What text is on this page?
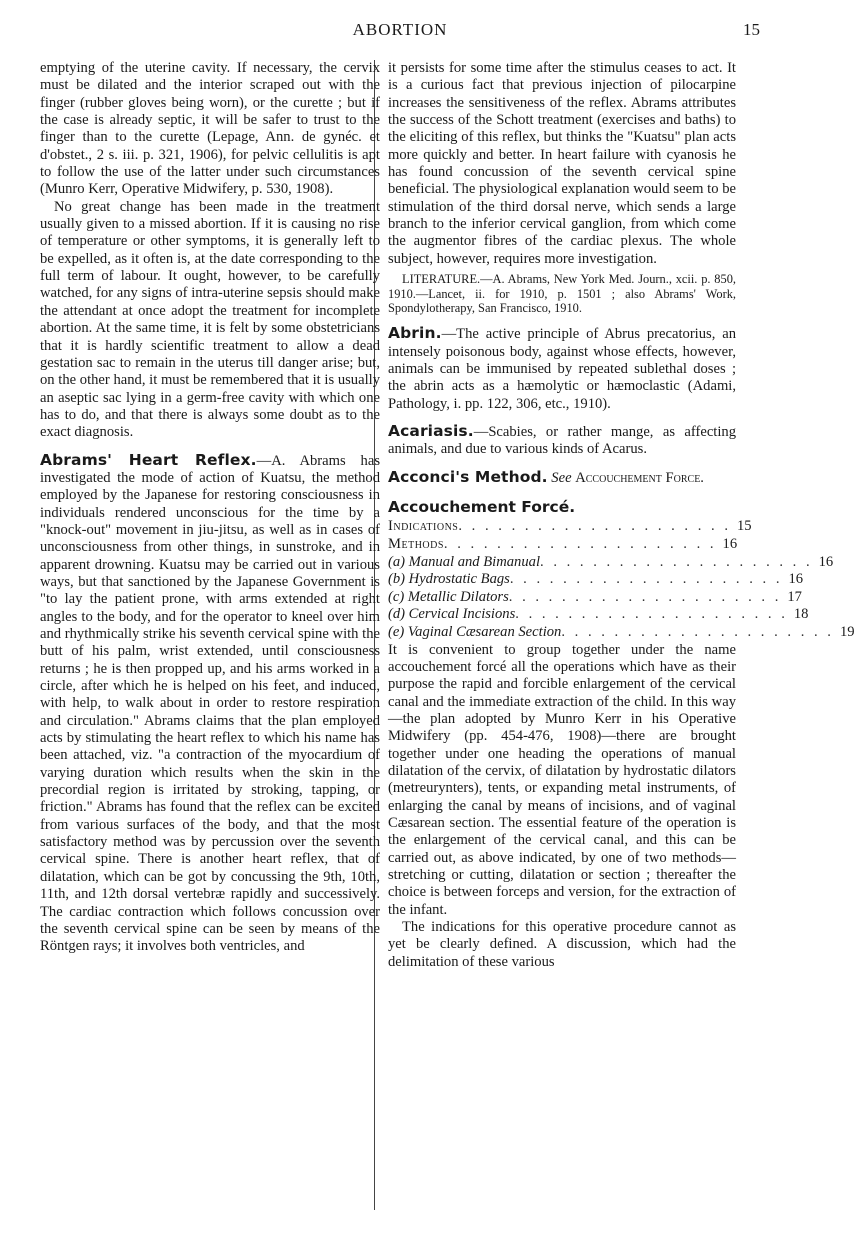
ABORTION	15

emptying of the uterine cavity. If necessary, the cervix must be dilated and the interior scraped out with the finger (rubber gloves being worn), or the curette ; but if the case is already septic, it will be safer to trust to the finger than to the curette (Lepage, Ann. de gynéc. et d'obstet., 2 s. iii. p. 321, 1906), for pelvic cellulitis is apt to follow the use of the latter under such circumstances (Munro Kerr, Operative Midwifery, p. 530, 1908).

No great change has been made in the treatment usually given to a missed abortion. If it is causing no rise of temperature or other symptoms, it is generally left to be expelled, as it often is, at the date corresponding to the full term of labour. It ought, however, to be carefully watched, for any signs of intra-uterine sepsis should make the attendant at once adopt the treatment for incomplete abortion. At the same time, it is felt by some obstetricians that it is hardly scientific treatment to allow a dead gestation sac to remain in the uterus till danger arise; but, on the other hand, it must be remembered that it is usually an aseptic sac lying in a germ-free cavity with which one has to do, and that there is always some doubt as to the exact diagnosis.

Abrams' Heart Reflex.—A. Abrams has investigated the mode of action of Kuatsu, the method employed by the Japanese for restoring consciousness in individuals rendered unconscious for the time by a "knock-out" movement in jiu-jitsu, as well as in cases of unconsciousness from other things, in sunstroke, and in apparent drowning. Kuatsu may be carried out in various ways, but that sanctioned by the Japanese Government is "to lay the patient prone, with arms extended at right angles to the body, and for the operator to kneel over him and rhythmically strike his seventh cervical spine with the butt of his palm, wrist extended, until consciousness returns ; he is then propped up, and his arms worked in a circle, after which he is helped on his feet, and induced, with help, to walk about in order to restore respiration and circulation." Abrams claims that the plan employed acts by stimulating the heart reflex to which his name has been attached, viz. "a contraction of the myocardium of varying duration which results when the skin in the precordial region is irritated by stroking, tapping, or friction." Abrams has found that the reflex can be excited from various surfaces of the body, and that the most satisfactory method was by percussion over the seventh cervical spine. There is another heart reflex, that of dilatation, which can be got by concussing the 9th, 10th, 11th, and 12th dorsal vertebræ rapidly and successively. The cardiac contraction which follows concussion over the seventh cervical spine can be seen by means of the Röntgen rays; it involves both ventricles, and

it persists for some time after the stimulus ceases to act. It is a curious fact that previous injection of pilocarpine increases the sensitiveness of the reflex. Abrams attributes the success of the Schott treatment (exercises and baths) to the eliciting of this reflex, but thinks the "Kuatsu" plan acts more quickly and better. In heart failure with cyanosis he has found concussion of the seventh cervical spine beneficial. The physiological explanation would seem to be stimulation of the third dorsal nerve, which sends a large branch to the inferior cervical ganglion, from which come the augmentor fibres of the cardiac plexus. The whole subject, however, requires more investigation.

LITERATURE.—A. Abrams, New York Med. Journ., xcii. p. 850, 1910.—Lancet, ii. for 1910, p. 1501 ; also Abrams' Work, Spondylotherapy, San Francisco, 1910.

Abrin.—The active principle of Abrus precatorius, an intensely poisonous body, against whose effects, however, animals can be immunised by repeated sublethal doses ; the abrin acts as a hæmolytic or hæmoclastic (Adami, Pathology, i. pp. 122, 306, etc., 1910).

Acariasis.—Scabies, or rather mange, as affecting animals, and due to various kinds of Acarus.

Acconci's Method. See Accouchement Force.

Accouchement Forcé.
Indications . . . . . . . . . . . . . . . . . . . . . 15
Methods . . . . . . . . . . . . . . . . . . . . . 16
(a) Manual and Bimanual . . . . . . . . . . . . . . . . . . . . . 16
(b) Hydrostatic Bags . . . . . . . . . . . . . . . . . . . . . 16
(c) Metallic Dilators . . . . . . . . . . . . . . . . . . . . . 17
(d) Cervical Incisions . . . . . . . . . . . . . . . . . . . . . 18
(e) Vaginal Cæsarean Section . . . . . . . . . . . . . . . . . . . . . 19

It is convenient to group together under the name accouchement forcé all the operations which have as their purpose the rapid and forcible enlargement of the cervical canal and the immediate extraction of the child. In this way—the plan adopted by Munro Kerr in his Operative Midwifery (pp. 454-476, 1908)—there are brought together under one heading the operations of manual dilatation of the cervix, of dilatation by hydrostatic dilators (metreurynters), tents, or expanding metal instruments, of enlarging the canal by means of incisions, and of vaginal Cæsarean section. The essential feature of the operation is the enlargement of the cervical canal, and this can be carried out, as above indicated, by one of two methods—stretching or cutting, dilatation or section ; thereafter the choice is between forceps and version, for the extraction of the infant.

The indications for this operative procedure cannot as yet be clearly defined. A discussion, which had the delimitation of these various
